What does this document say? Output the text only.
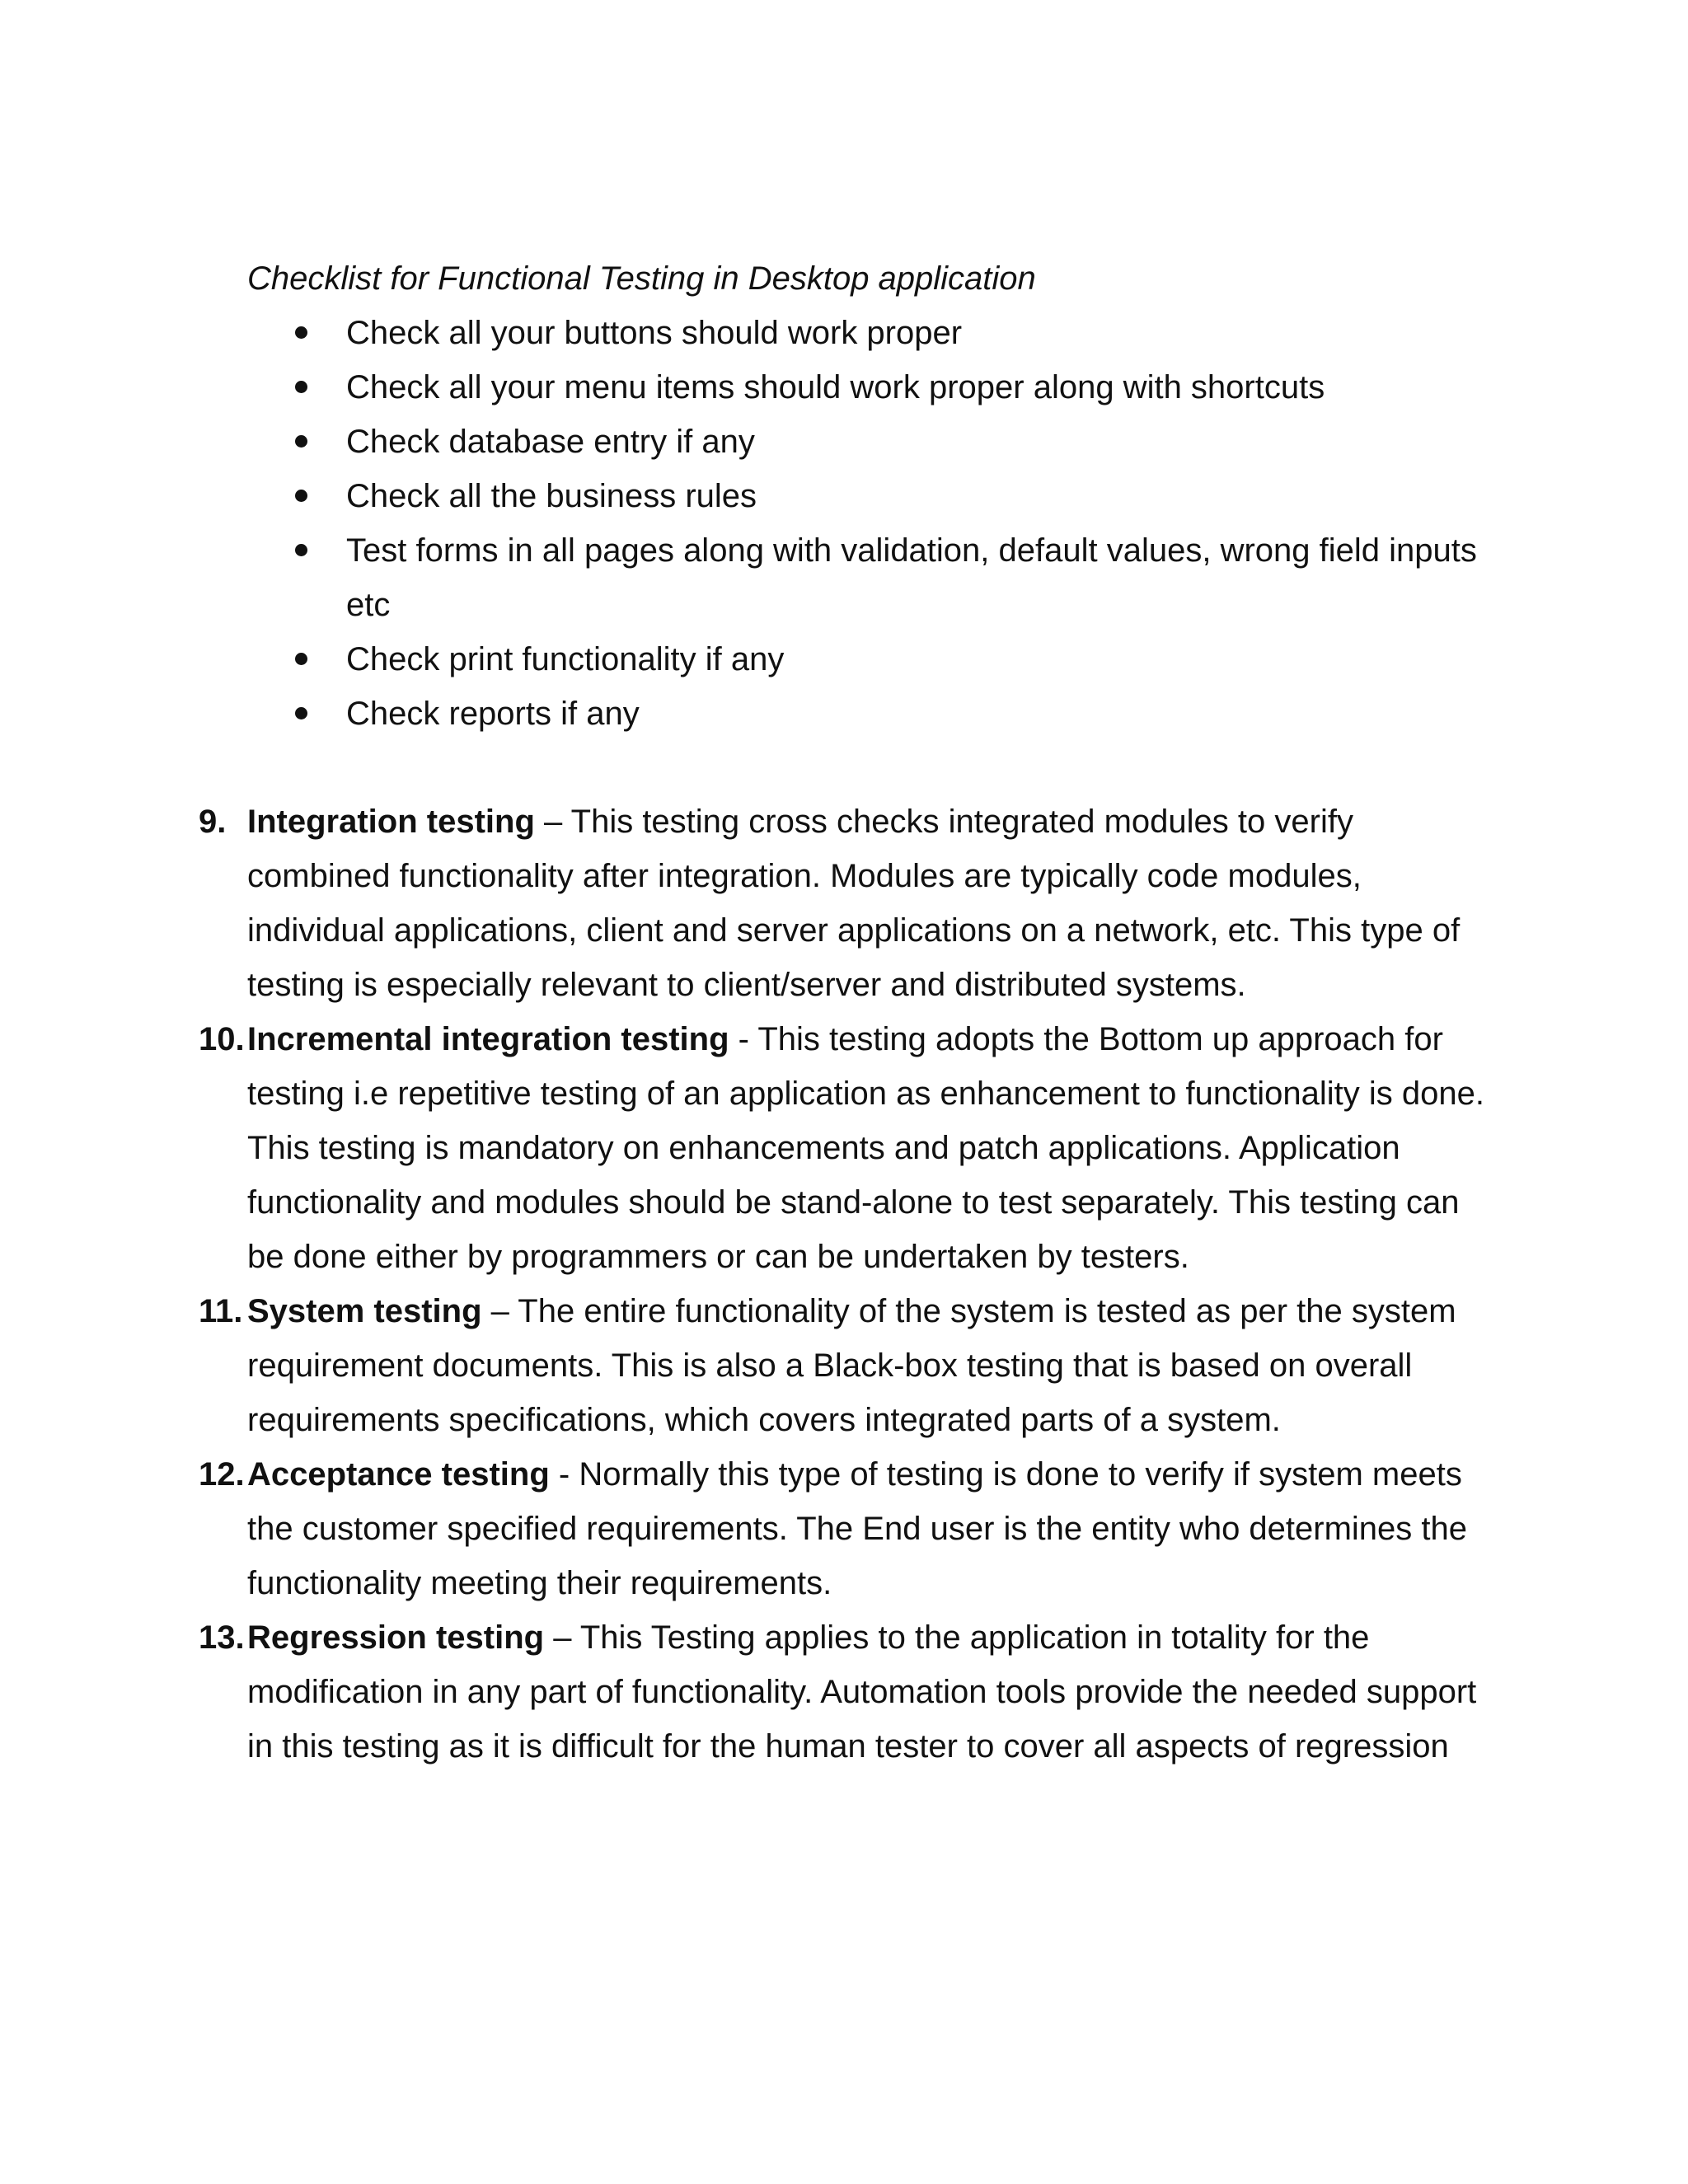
Checklist for Functional Testing in Desktop application

Check all your buttons should work proper
Check all your menu items should work proper along with shortcuts
Check database entry if any
Check all the business rules
Test forms in all pages along with validation, default values, wrong field inputs etc
Check print functionality if any
Check reports if any
9. Integration testing – This testing cross checks integrated modules to verify combined functionality after integration. Modules are typically code modules, individual applications, client and server applications on a network, etc. This type of testing is especially relevant to client/server and distributed systems.
10. Incremental integration testing - This testing adopts the Bottom up approach for testing i.e repetitive testing of an application as enhancement to functionality is done. This testing is mandatory on enhancements and patch applications. Application functionality and modules should be stand-alone to test separately. This testing can be done either by programmers or can be undertaken by testers.
11. System testing – The entire functionality of the system is tested as per the system requirement documents. This is also a Black-box testing that is based on overall requirements specifications, which covers integrated parts of a system.
12. Acceptance testing - Normally this type of testing is done to verify if system meets the customer specified requirements. The End user is the entity who determines the functionality meeting their requirements.
13. Regression testing – This Testing applies to the application in totality for the modification in any part of functionality. Automation tools provide the needed support in this testing as it is difficult for the human tester to cover all aspects of regression
